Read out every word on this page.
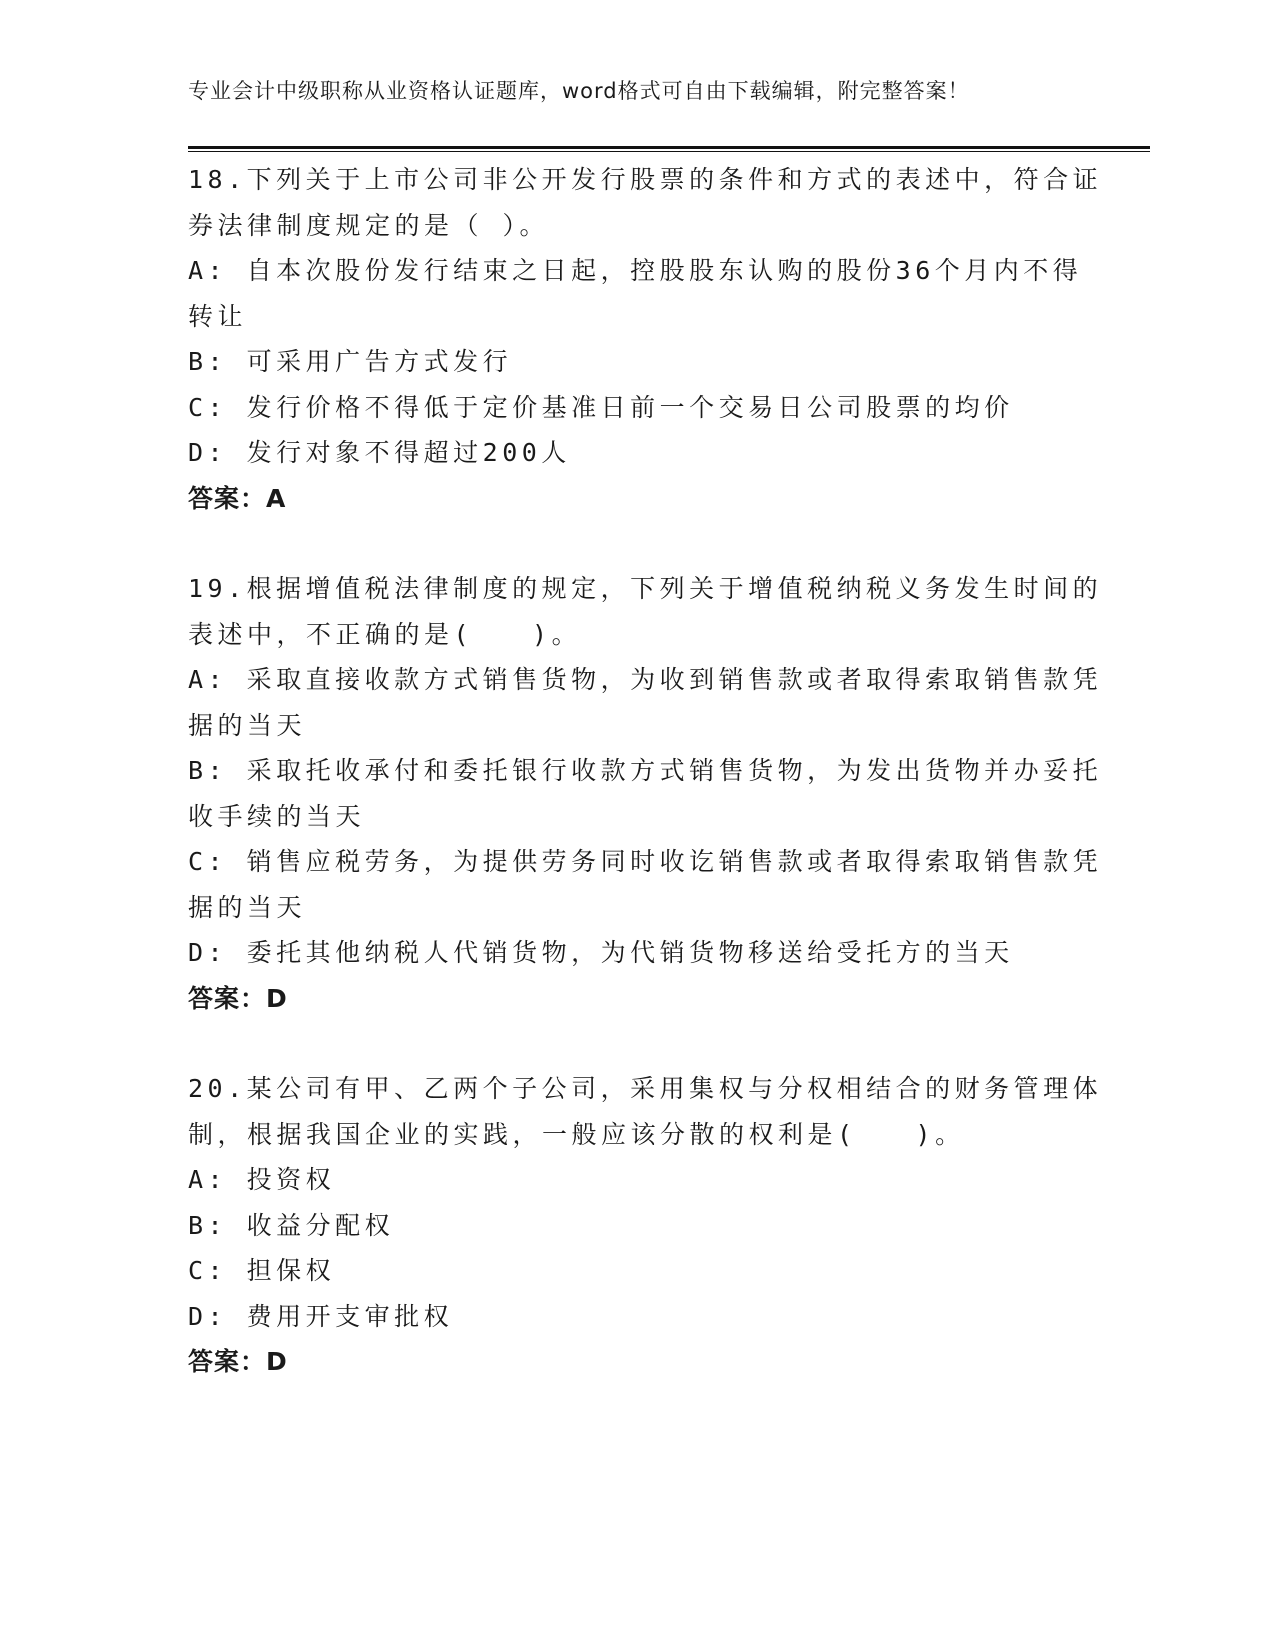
专业会计中级职称从业资格认证题库，word格式可自由下载编辑，附完整答案！
18.下列关于上市公司非公开发行股票的条件和方式的表述中，符合证
券法律制度规定的是（ ）。
A: 自本次股份发行结束之日起，控股股东认购的股份36个月内不得
转让
B: 可采用广告方式发行
C: 发行价格不得低于定价基准日前一个交易日公司股票的均价
D: 发行对象不得超过200人
答案：A
19.根据增值税法律制度的规定，下列关于增值税纳税义务发生时间的
表述中，不正确的是(　　)。
A: 采取直接收款方式销售货物，为收到销售款或者取得索取销售款凭
据的当天
B: 采取托收承付和委托银行收款方式销售货物，为发出货物并办妥托
收手续的当天
C: 销售应税劳务，为提供劳务同时收讫销售款或者取得索取销售款凭
据的当天
D: 委托其他纳税人代销货物，为代销货物移送给受托方的当天
答案：D
20.某公司有甲、乙两个子公司，采用集权与分权相结合的财务管理体
制，根据我国企业的实践，一般应该分散的权利是(　　)。
A: 投资权
B: 收益分配权
C: 担保权
D: 费用开支审批权
答案：D
